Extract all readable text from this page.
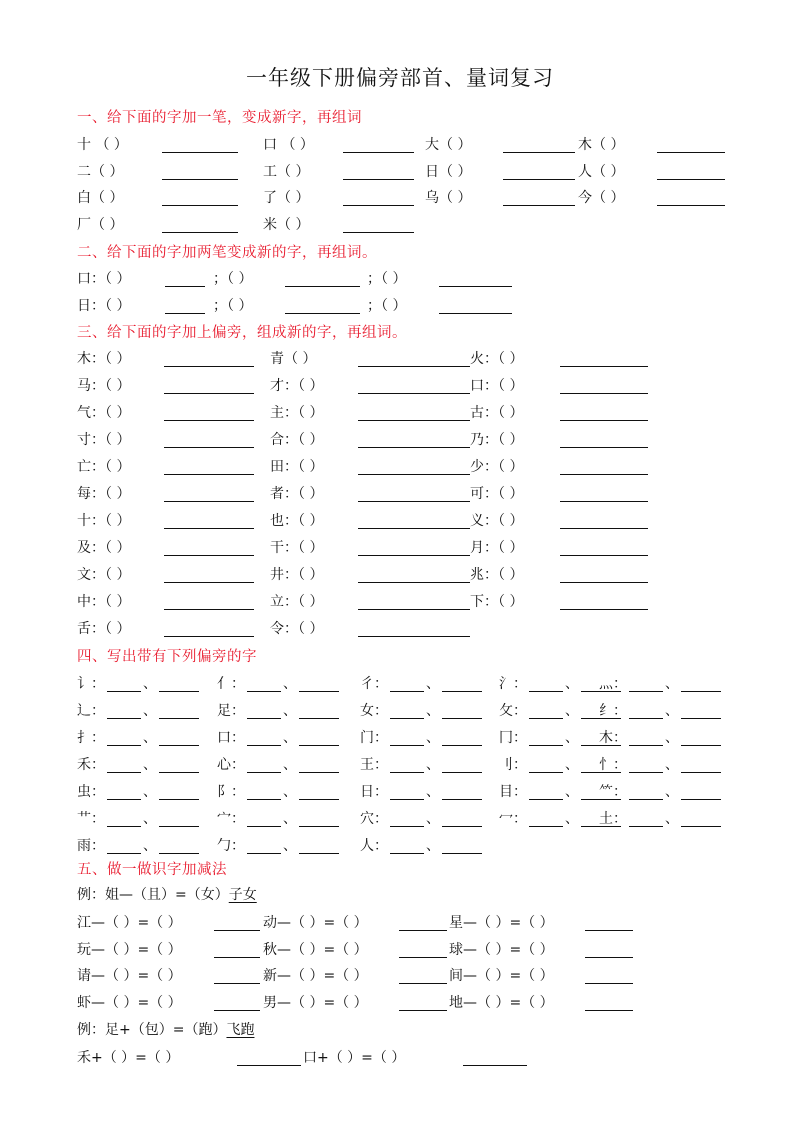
一年级下册偏旁部首、量词复习
一、给下面的字加一笔，变成新字，再组词
十 （ ）	口 （ ）	大（ ）	木（ ）
二（ ）	工（ ）	日（ ）	人（ ）
白（ ）	了（ ）	乌（ ）	今（ ）
厂（ ）	米（ ）
二、给下面的字加两笔变成新的字，再组词。
口：（ ）	；（ ）	；（ ）
日：（ ）	；（ ）	；（ ）
三、给下面的字加上偏旁，组成新的字，再组词。
木：（ ）	青（ ）	火：（ ）
马：（ ）	才：（ ）	口：（ ）
气：（ ）	主：（ ）	古：（ ）
寸：（ ）	合：（ ）	乃：（ ）
亡：（ ）	田：（ ）	少：（ ）
每：（ ）	者：（ ）	可：（ ）
十：（ ）	也：（ ）	义：（ ）
及：（ ）	干：（ ）	月：（ ）
文：（ ）	井：（ ）	兆：（ ）
中：（ ）	立：（ ）	下：（ ）
舌：（ ）	令：（ ）
四、写出带有下列偏旁的字
讠：	、	亻：	、	彳：	、	氵：	、 灬：	、
辶：	、	足：	、	女：	、	攵：	、 纟：	、
扌：	、	口：	、	门：	、	冂：	、 木：	、
禾：	、	心：	、	王：	、	刂：	、 忄：	、
虫：	、	阝：	、	日：	、	目：	、 ⺮：	、
艹：	、	宀：	、	穴：	、	冖：	、 土：	、
雨：	、	勹：	、	人：	、
五、做一做识字加减法
例：姐—（且）=（女）子女
江—（ ）=（ ）	动—（ ）=（ ）	星—（ ）=（ ）
玩—（ ）=（ ）	秋—（ ）=（ ）	球—（ ）=（ ）
请—（ ）=（ ）	新—（ ）=（ ）	间—（ ）=（ ）
虾—（ ）=（ ）	男—（ ）=（ ）	地—（ ）=（ ）
例：足+（包）=（跑）飞跑
禾+（ ）=（ ）	口+（ ）=（ ）
